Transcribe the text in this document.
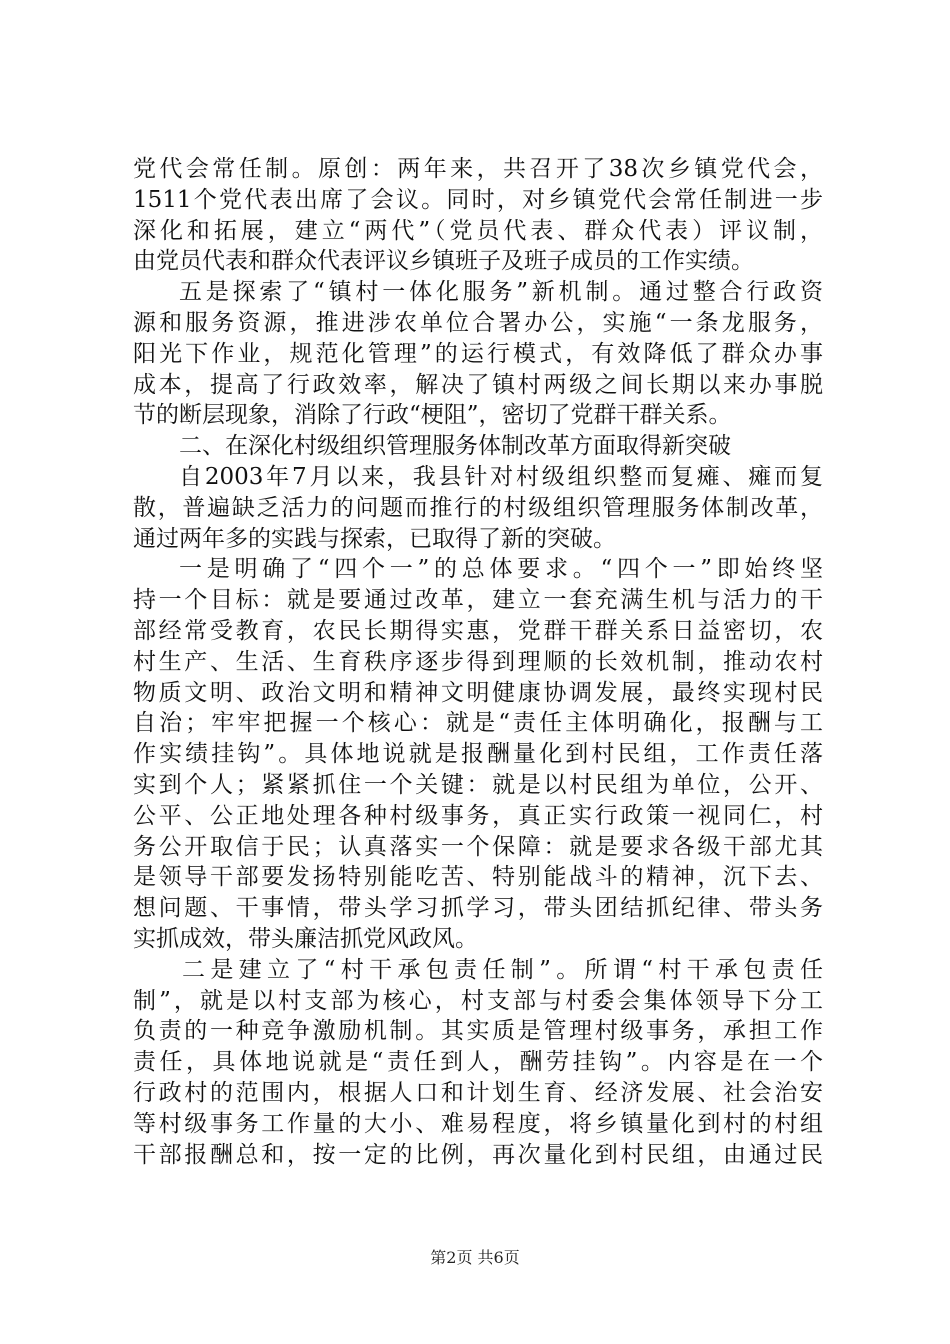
党代会常任制。原创：两年来，共召开了38次乡镇党代会，
1511个党代表出席了会议。同时，对乡镇党代会常任制进一步
深化和拓展，建立“两代”（党员代表、群众代表）评议制，
由党员代表和群众代表评议乡镇班子及班子成员的工作实绩。
五是探索了“镇村一体化服务”新机制。通过整合行政资
源和服务资源，推进涉农单位合署办公，实施“一条龙服务，
阳光下作业，规范化管理”的运行模式，有效降低了群众办事
成本，提高了行政效率，解决了镇村两级之间长期以来办事脱
节的断层现象，消除了行政“梗阻”，密切了党群干群关系。
二、在深化村级组织管理服务体制改革方面取得新突破
自2003年7月以来，我县针对村级组织整而复瘫、瘫而复
散，普遍缺乏活力的问题而推行的村级组织管理服务体制改革，
通过两年多的实践与探索，已取得了新的突破。
一是明确了“四个一”的总体要求。“四个一”即始终坚
持一个目标：就是要通过改革，建立一套充满生机与活力的干
部经常受教育，农民长期得实惠，党群干群关系日益密切，农
村生产、生活、生育秩序逐步得到理顺的长效机制，推动农村
物质文明、政治文明和精神文明健康协调发展，最终实现村民
自治；牢牢把握一个核心：就是“责任主体明确化，报酬与工
作实绩挂钩”。具体地说就是报酬量化到村民组，工作责任落
实到个人；紧紧抓住一个关键：就是以村民组为单位，公开、
公平、公正地处理各种村级事务，真正实行政策一视同仁，村
务公开取信于民；认真落实一个保障：就是要求各级干部尤其
是领导干部要发扬特别能吃苦、特别能战斗的精神，沉下去、
想问题、干事情，带头学习抓学习，带头团结抓纪律、带头务
实抓成效，带头廉洁抓党风政风。
二是建立了“村干承包责任制”。所谓“村干承包责任
制”，就是以村支部为核心，村支部与村委会集体领导下分工
负责的一种竞争激励机制。其实质是管理村级事务，承担工作
责任，具体地说就是“责任到人，酬劳挂钩”。内容是在一个
行政村的范围内，根据人口和计划生育、经济发展、社会治安
等村级事务工作量的大小、难易程度，将乡镇量化到村的村组
干部报酬总和，按一定的比例，再次量化到村民组，由通过民
第2页 共6页
